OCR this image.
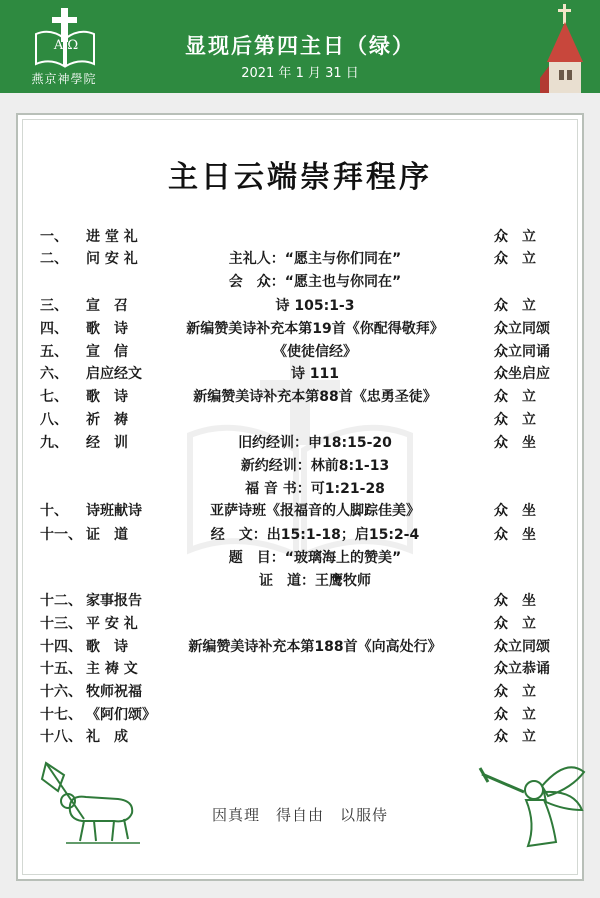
A Ω
燕京神學院
显现后第四主日（绿）
2021 年 1 月 31 日
主日云端崇拜程序
一、 进 堂 礼	众　立
二、 问 安 礼	主礼人：“愿主与你们同在”	众　立
会　众：“愿主也与你同在”
三、 宣　召	诗 105:1-3	众　立
四、 歌　诗	新编赞美诗补充本第19首《你配得敬拜》	众立同颂
五、 宣　信	《使徒信经》	众立同诵
六、 启应经文	诗 111	众坐启应
七、 歌　诗	新编赞美诗补充本第88首《忠勇圣徒》	众　立
八、 祈　祷	众　立
九、 经　训	旧约经训：申18:15-20	众　坐
新约经训：林前8:1-13
福 音 书：可1:21-28
十、 诗班献诗	亚萨诗班《报福音的人脚踪佳美》	众　坐
十一、 证　道	经　文：出15:1-18；启15:2-4	众　坐
题　目：“玻璃海上的赞美”
证　道：王鹰牧师
十二、 家事报告	众　坐
十三、 平 安 礼	众　立
十四、 歌　诗	新编赞美诗补充本第188首《向高处行》	众立同颂
十五、 主 祷 文	众立恭诵
十六、 牧师祝福	众　立
十七、 《阿们颂》	众　立
十八、 礼　成	众　立
因真理　得自由　以服侍
